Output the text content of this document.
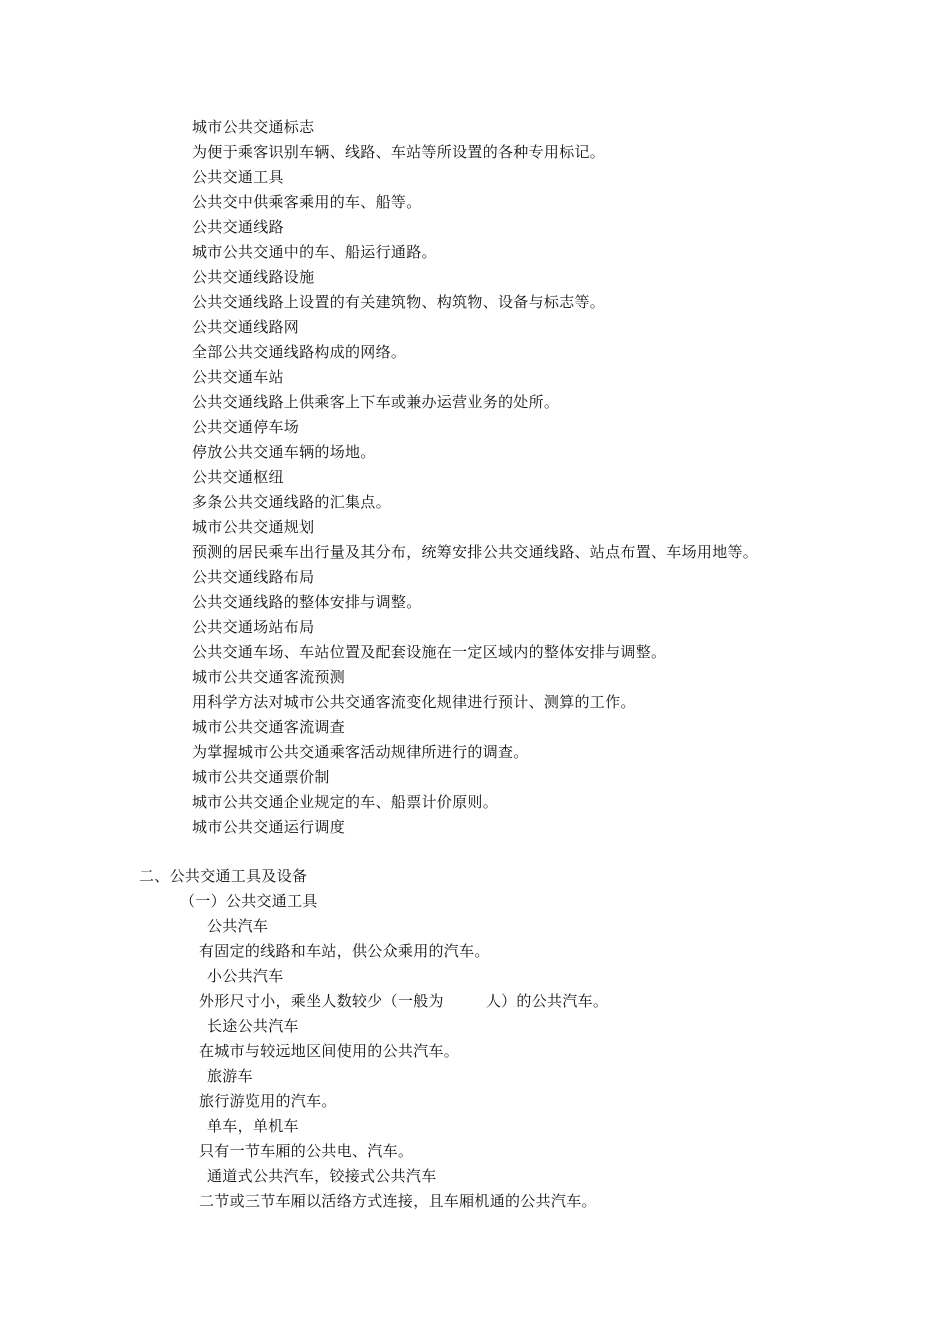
城市公共交通标志
为便于乘客识别车辆、线路、车站等所设置的各种专用标记。
公共交通工具
公共交中供乘客乘用的车、船等。
公共交通线路
城市公共交通中的车、船运行通路。
公共交通线路设施
公共交通线路上设置的有关建筑物、构筑物、设备与标志等。
公共交通线路网
全部公共交通线路构成的网络。
公共交通车站
公共交通线路上供乘客上下车或兼办运营业务的处所。
公共交通停车场
停放公共交通车辆的场地。
公共交通枢纽
多条公共交通线路的汇集点。
城市公共交通规划
预测的居民乘车出行量及其分布，统筹安排公共交通线路、站点布置、车场用地等。
公共交通线路布局
公共交通线路的整体安排与调整。
公共交通场站布局
公共交通车场、车站位置及配套设施在一定区域内的整体安排与调整。
城市公共交通客流预测
用科学方法对城市公共交通客流变化规律进行预计、测算的工作。
城市公共交通客流调查
为掌握城市公共交通乘客活动规律所进行的调查。
城市公共交通票价制
城市公共交通企业规定的车、船票计价原则。
城市公共交通运行调度
二、公共交通工具及设备
（一）公共交通工具
公共汽车
有固定的线路和车站，供公众乘用的汽车。
小公共汽车
外形尺寸小，乘坐人数较少（一般为	人）的公共汽车。
长途公共汽车
在城市与较远地区间使用的公共汽车。
旅游车
旅行游览用的汽车。
单车，单机车
只有一节车厢的公共电、汽车。
通道式公共汽车，铰接式公共汽车
二节或三节车厢以活络方式连接，且车厢机通的公共汽车。
